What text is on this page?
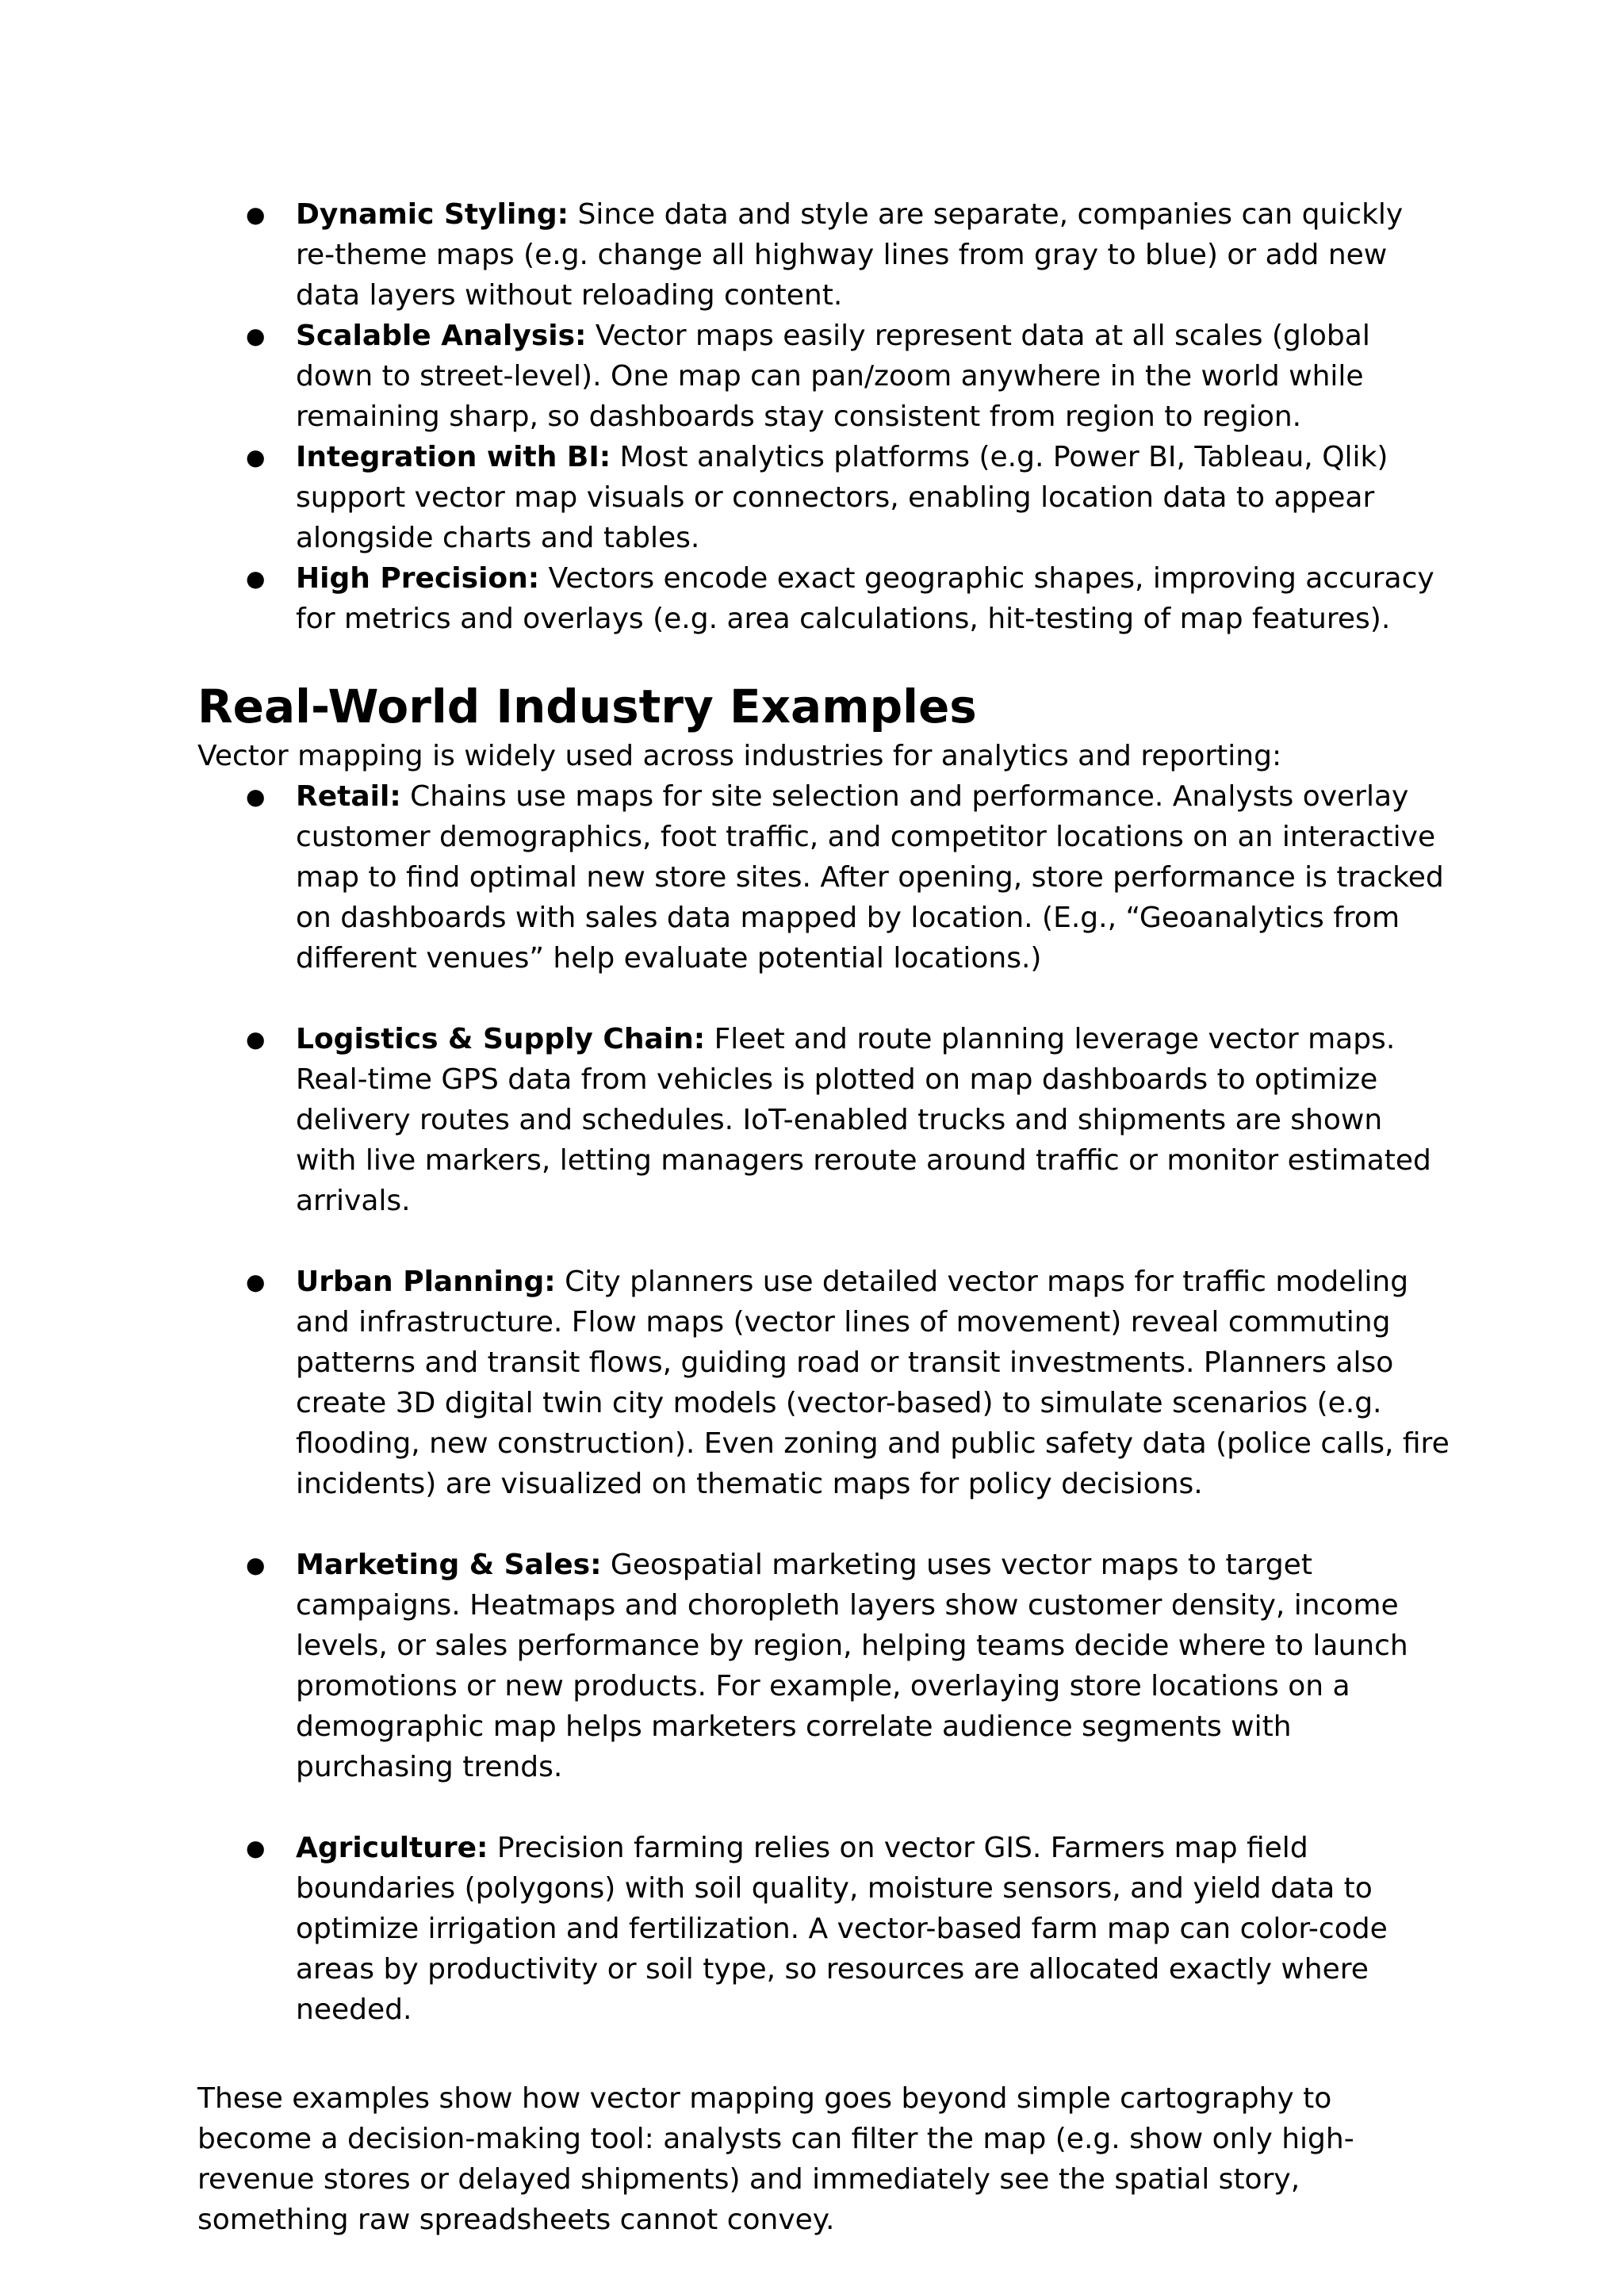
● Dynamic Styling: Since data and style are separate, companies can quickly re-theme maps (e.g. change all highway lines from gray to blue) or add new data layers without reloading content.
● Scalable Analysis: Vector maps easily represent data at all scales (global down to street-level). One map can pan/zoom anywhere in the world while remaining sharp, so dashboards stay consistent from region to region.
● Integration with BI: Most analytics platforms (e.g. Power BI, Tableau, Qlik) support vector map visuals or connectors, enabling location data to appear alongside charts and tables.
● High Precision: Vectors encode exact geographic shapes, improving accuracy for metrics and overlays (e.g. area calculations, hit-testing of map features).
Real-World Industry Examples

Vector mapping is widely used across industries for analytics and reporting:

● Retail: Chains use maps for site selection and performance. Analysts overlay customer demographics, foot traffic, and competitor locations on an interactive map to find optimal new store sites. After opening, store performance is tracked on dashboards with sales data mapped by location. (E.g., “Geoanalytics from different venues” help evaluate potential locations.)
● Logistics & Supply Chain: Fleet and route planning leverage vector maps. Real-time GPS data from vehicles is plotted on map dashboards to optimize delivery routes and schedules. IoT-enabled trucks and shipments are shown with live markers, letting managers reroute around traffic or monitor estimated arrivals.
● Urban Planning: City planners use detailed vector maps for traffic modeling and infrastructure. Flow maps (vector lines of movement) reveal commuting patterns and transit flows, guiding road or transit investments. Planners also create 3D digital twin city models (vector-based) to simulate scenarios (e.g. flooding, new construction). Even zoning and public safety data (police calls, fire incidents) are visualized on thematic maps for policy decisions.
● Marketing & Sales: Geospatial marketing uses vector maps to target campaigns. Heatmaps and choropleth layers show customer density, income levels, or sales performance by region, helping teams decide where to launch promotions or new products. For example, overlaying store locations on a demographic map helps marketers correlate audience segments with purchasing trends.
● Agriculture: Precision farming relies on vector GIS. Farmers map field boundaries (polygons) with soil quality, moisture sensors, and yield data to optimize irrigation and fertilization. A vector-based farm map can color-code areas by productivity or soil type, so resources are allocated exactly where needed.

These examples show how vector mapping goes beyond simple cartography to become a decision-making tool: analysts can filter the map (e.g. show only high-revenue stores or delayed shipments) and immediately see the spatial story, something raw spreadsheets cannot convey.
